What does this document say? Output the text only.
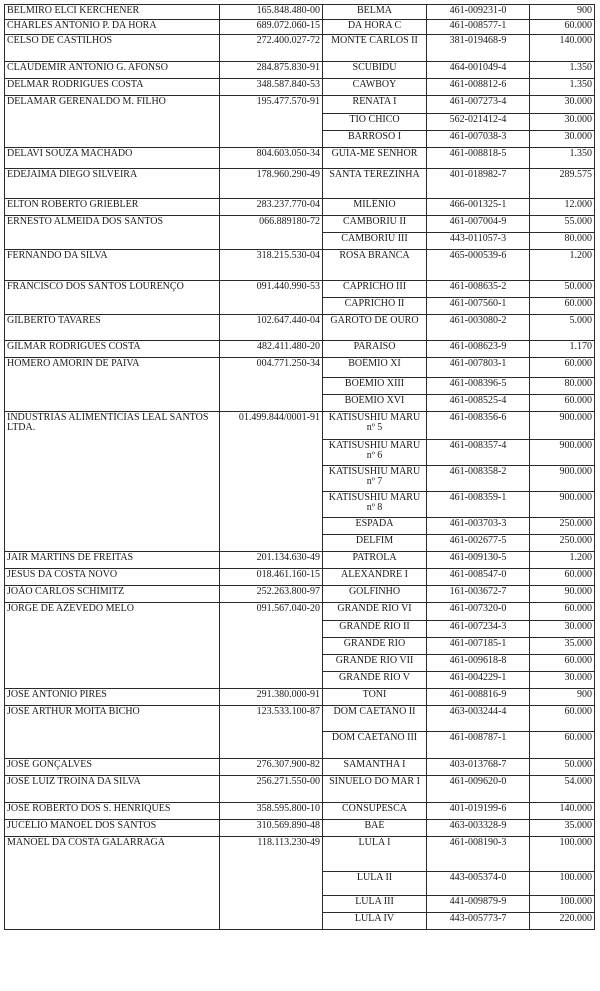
BELMIRO ELCI KERCHENER	165.848.480-00	BELMA	461-009231-0	900
CHARLES ANTONIO P. DA HORA	689.072.060-15	DA HORA C	461-008577-1	60.000
CELSO DE CASTILHOS	272.400.027-72	MONTE CARLOS II	381-019468-9	140.000
CLAUDEMIR ANTONIO G. AFONSO	284.875.830-91	SCUBIDU	464-001049-4	1.350
DELMAR RODRIGUES COSTA	348.587.840-53	CAWBOY	461-008812-6	1.350
DELAMAR GERENALDO M. FILHO	195.477.570-91	RENATA I	461-007273-4	30.000
		TIO CHICO	562-021412-4	30.000
		BARROSO I	461-007038-3	30.000
DELAVI SOUZA MACHADO	804.603.050-34	GUIA-ME SENHOR	461-008818-5	1.350
EDEJAIMA DIEGO SILVEIRA	178.960.290-49	SANTA TEREZINHA	401-018982-7	289.575
ELTON ROBERTO GRIEBLER	283.237.770-04	MILÊNIO	466-001325-1	12.000
ERNESTO ALMEIDA DOS SANTOS	066.889180-72	CAMBORIU II	461-007004-9	55.000
		CAMBORIU III	443-011057-3	80.000
FERNANDO DA SILVA	318.215.530-04	ROSA BRANCA	465-000539-6	1.200
FRANCISCO DOS SANTOS LOURENÇO	091.440.990-53	CAPRICHO III	461-008635-2	50.000
		CAPRICHO II	461-007560-1	60.000
GILBERTO TAVARES	102.647.440-04	GAROTO DE OURO	461-003080-2	5.000
GILMAR RODRIGUES COSTA	482.411.480-20	PARAISO	461-008623-9	1.170
HOMERO AMORIN DE PAIVA	004.771.250-34	BOÊMIO XI	461-007803-1	60.000
		BOÊMIO XIII	461-008396-5	80.000
		BOÊMIO XVI	461-008525-4	60.000
INDÚSTRIAS ALIMENTÍCIAS LEAL SANTOS LTDA.	01.499.844/0001-91	KATISUSHIU MARU nº 5	461-008356-6	900.000
		KATISUSHIU MARU nº 6	461-008357-4	900.000
		KATISUSHIU MARU nº 7	461-008358-2	900.000
		KATISUSHIU MARU nº 8	461-008359-1	900.000
		ESPADA	461-003703-3	250.000
		DELFIM	461-002677-5	250.000
JAIR MARTINS DE FREITAS	201.134.630-49	PATROLA	461-009130-5	1.200
JESUS DA COSTA NOVO	018.461.160-15	ALEXANDRE I	461-008547-0	60.000
JOÃO CARLOS SCHIMITZ	252.263.800-97	GOLFINHO	161-003672-7	90.000
JORGE DE AZEVEDO MELO	091.567.040-20	GRANDE RIO VI	461-007320-0	60.000
		GRANDE RIO II	461-007234-3	30.000
		GRANDE RIO	461-007185-1	35.000
		GRANDE RIO VII	461-009618-8	60.000
		GRANDE RIO V	461-004229-1	30.000
JOSÉ ANTONIO PIRES	291.380.000-91	TONI	461-008816-9	900
JOSÉ ARTHUR MOITA BICHO	123.533.100-87	DOM CAETANO II	463-003244-4	60.000
		DOM CAETANO III	461-008787-1	60.000
JOSÉ GONÇALVES	276.307.900-82	SAMANTHA I	403-013768-7	50.000
JOSÉ LUIZ TROINA DA SILVA	256.271.550-00	SINUELO DO MAR I	461-009620-0	54.000
JOSÉ ROBERTO DOS S. HENRIQUES	358.595.800-10	CONSUPESCA	401-019199-6	140.000
JUCÉLIO MANOEL DOS SANTOS	310.569.890-48	BAÉ	463-003328-9	35.000
MANOEL DA COSTA GALARRAGA	118.113.230-49	LULA I	461-008190-3	100.000
		LULA II	443-005374-0	100.000
		LULA III	441-009879-9	100.000
		LULA IV	443-005773-7	220.000
